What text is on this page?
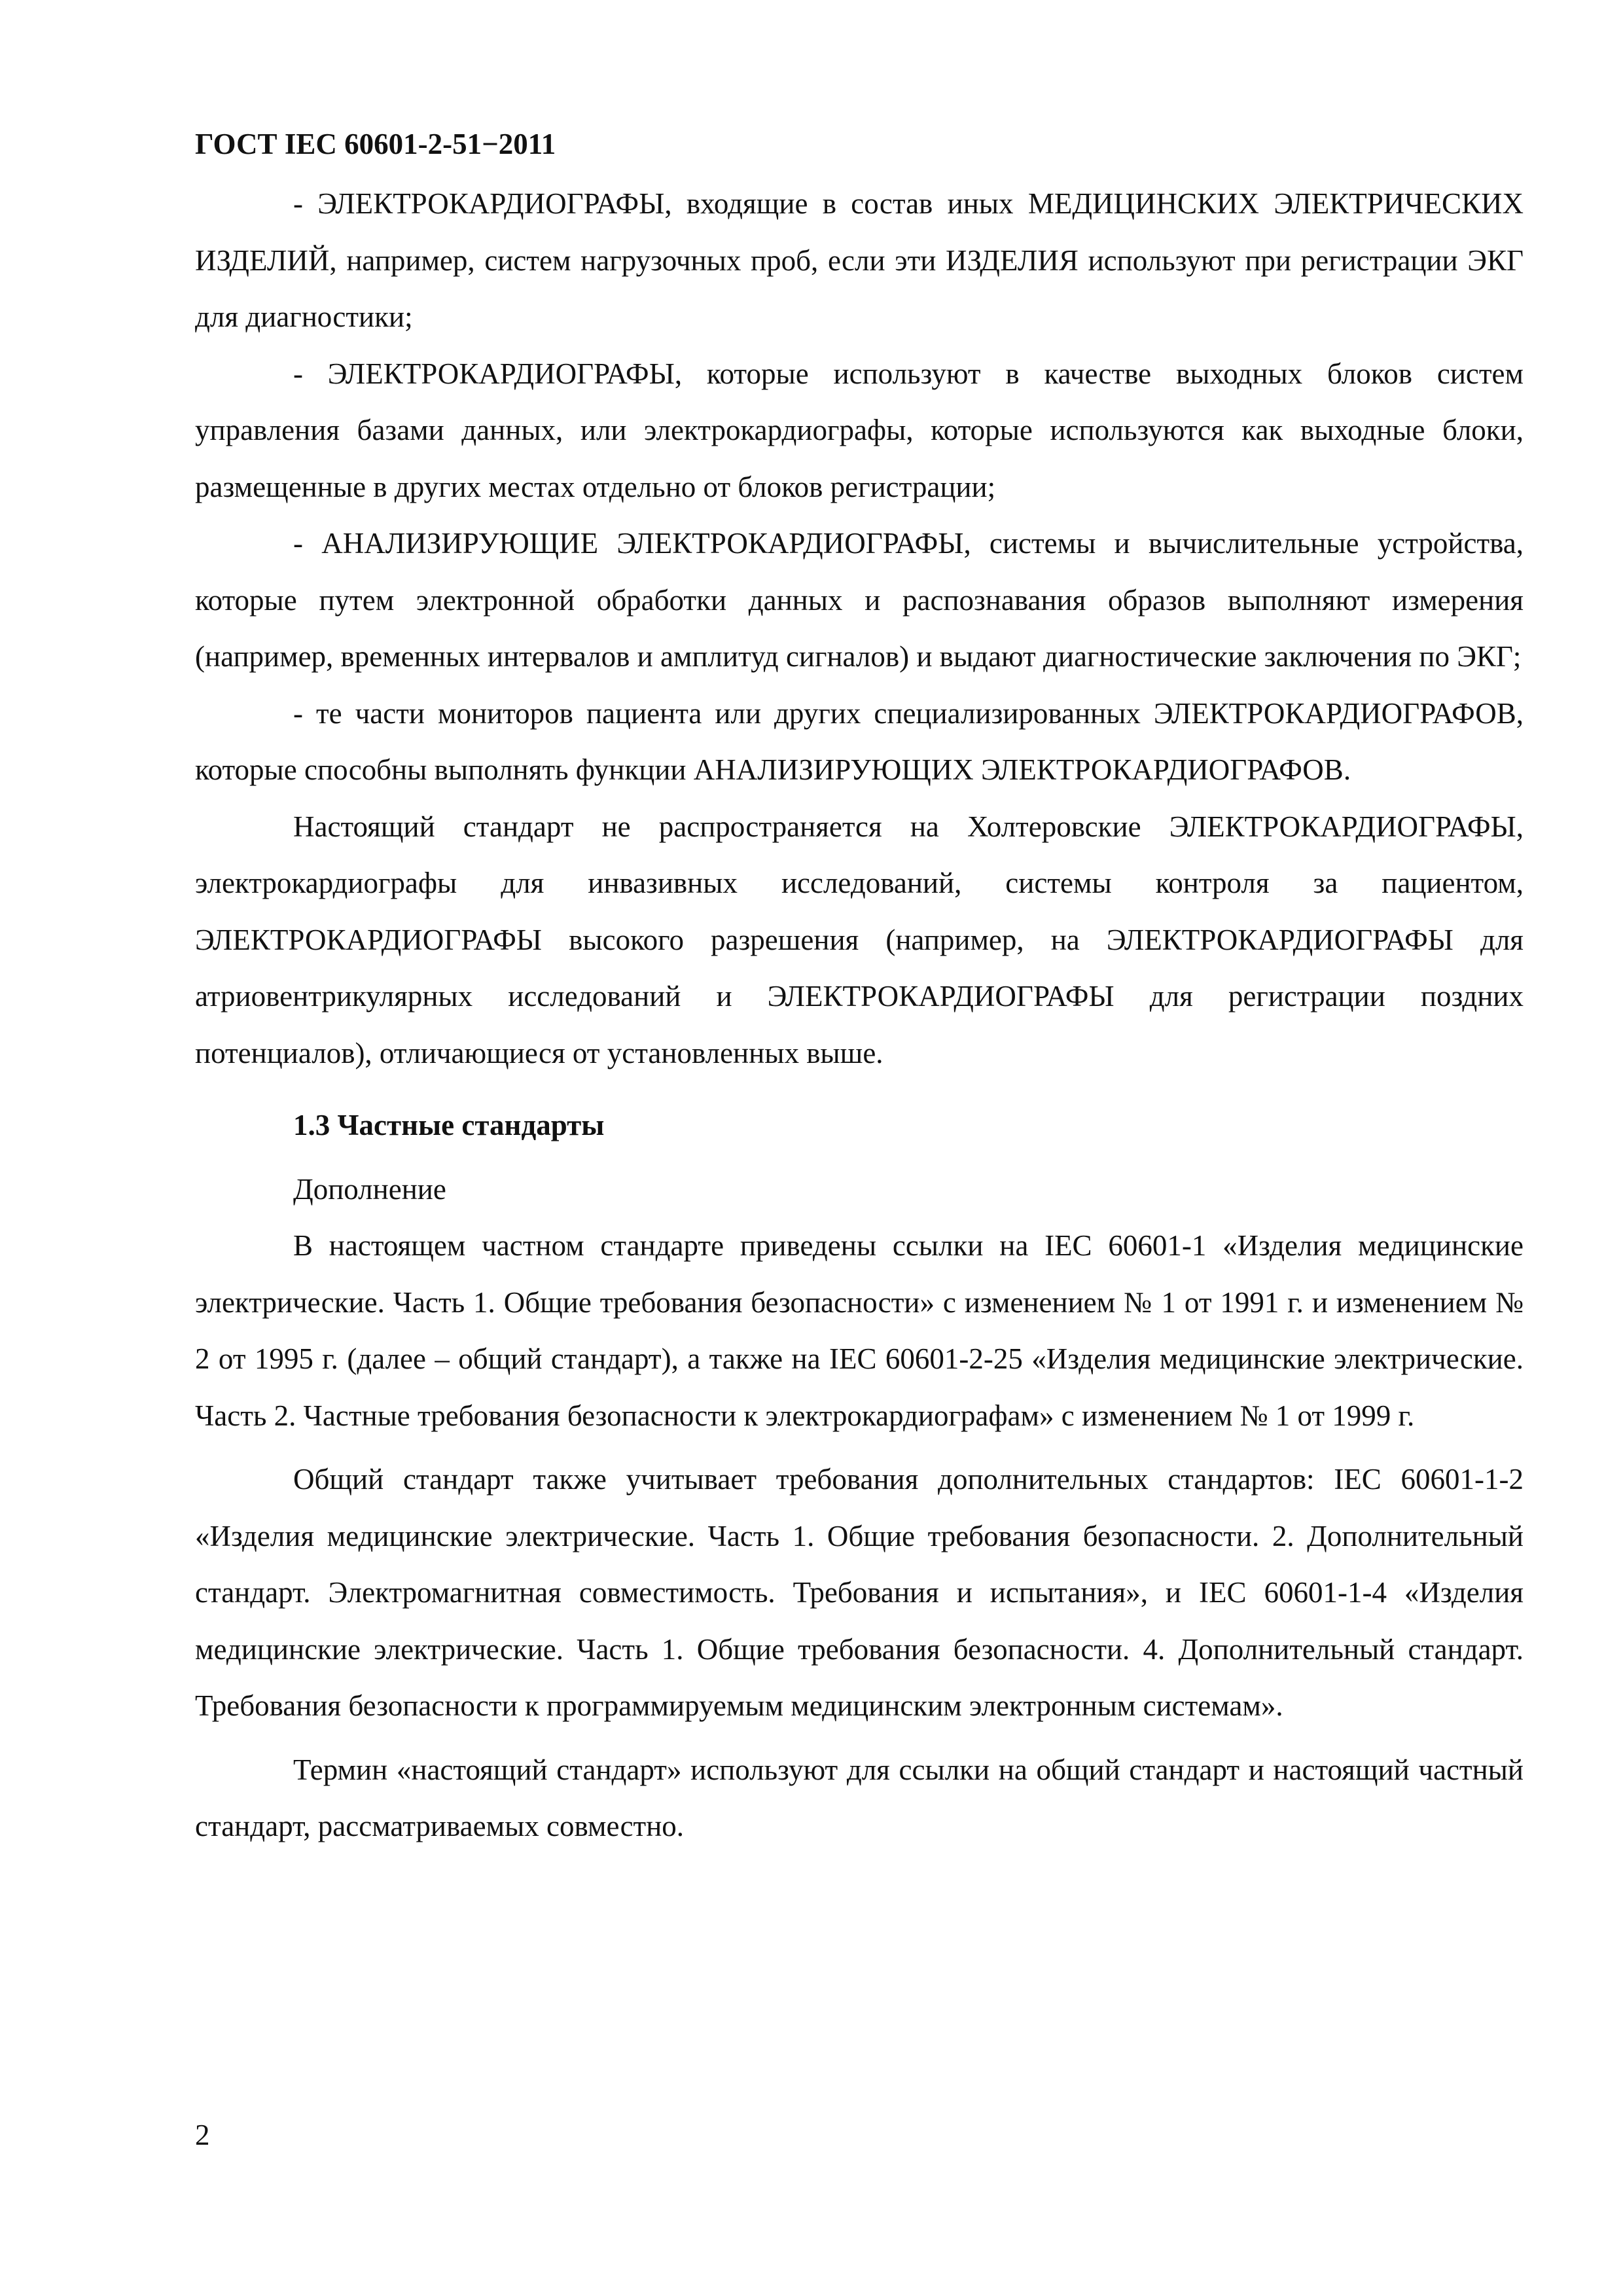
ГОСТ IEC 60601-2-51−2011

- ЭЛЕКТРОКАРДИОГРАФЫ, входящие в состав иных МЕДИЦИНСКИХ ЭЛЕКТРИЧЕСКИХ ИЗДЕЛИЙ, например, систем нагрузочных проб, если эти ИЗДЕЛИЯ используют при регистрации ЭКГ для диагностики;

- ЭЛЕКТРОКАРДИОГРАФЫ, которые используют в качестве выходных блоков систем управления базами данных, или электрокардиографы, которые используются как выходные блоки, размещенные в других местах отдельно от блоков регистрации;

- АНАЛИЗИРУЮЩИЕ ЭЛЕКТРОКАРДИОГРАФЫ, системы и вычислительные устройства, которые путем электронной обработки данных и распознавания образов выполняют измерения (например, временных интервалов и амплитуд сигналов) и выдают диагностические заключения по ЭКГ;

- те части мониторов пациента или других специализированных ЭЛЕКТРОКАРДИОГРАФОВ, которые способны выполнять функции АНАЛИЗИРУЮЩИХ ЭЛЕКТРОКАРДИОГРАФОВ.

Настоящий стандарт не распространяется на Холтеровские ЭЛЕКТРОКАРДИОГРАФЫ, электрокардиографы для инвазивных исследований, системы контроля за пациентом, ЭЛЕКТРОКАРДИОГРАФЫ высокого разрешения (например, на ЭЛЕКТРОКАРДИОГРАФЫ для атриовентрикулярных исследований и ЭЛЕКТРОКАРДИОГРАФЫ для регистрации поздних потенциалов), отличающиеся от установленных выше.

1.3 Частные стандарты

Дополнение

В настоящем частном стандарте приведены ссылки на IEC 60601-1 «Изделия медицинские электрические. Часть 1. Общие требования безопасности» с изменением № 1 от 1991 г. и изменением № 2 от 1995 г. (далее – общий стандарт), а также на IEC 60601-2-25 «Изделия медицинские электрические. Часть 2. Частные требования безопасности к электрокардиографам» с изменением № 1 от 1999 г.

Общий стандарт также учитывает требования дополнительных стандартов: IEC 60601-1-2 «Изделия медицинские электрические. Часть 1. Общие требования безопасности. 2. Дополнительный стандарт. Электромагнитная совместимость. Требования и испытания», и IEC 60601-1-4 «Изделия медицинские электрические. Часть 1. Общие требования безопасности. 4. Дополнительный стандарт. Требования безопасности к программируемым медицинским электронным системам».

Термин «настоящий стандарт» используют для ссылки на общий стандарт и настоящий частный стандарт, рассматриваемых совместно.

2
